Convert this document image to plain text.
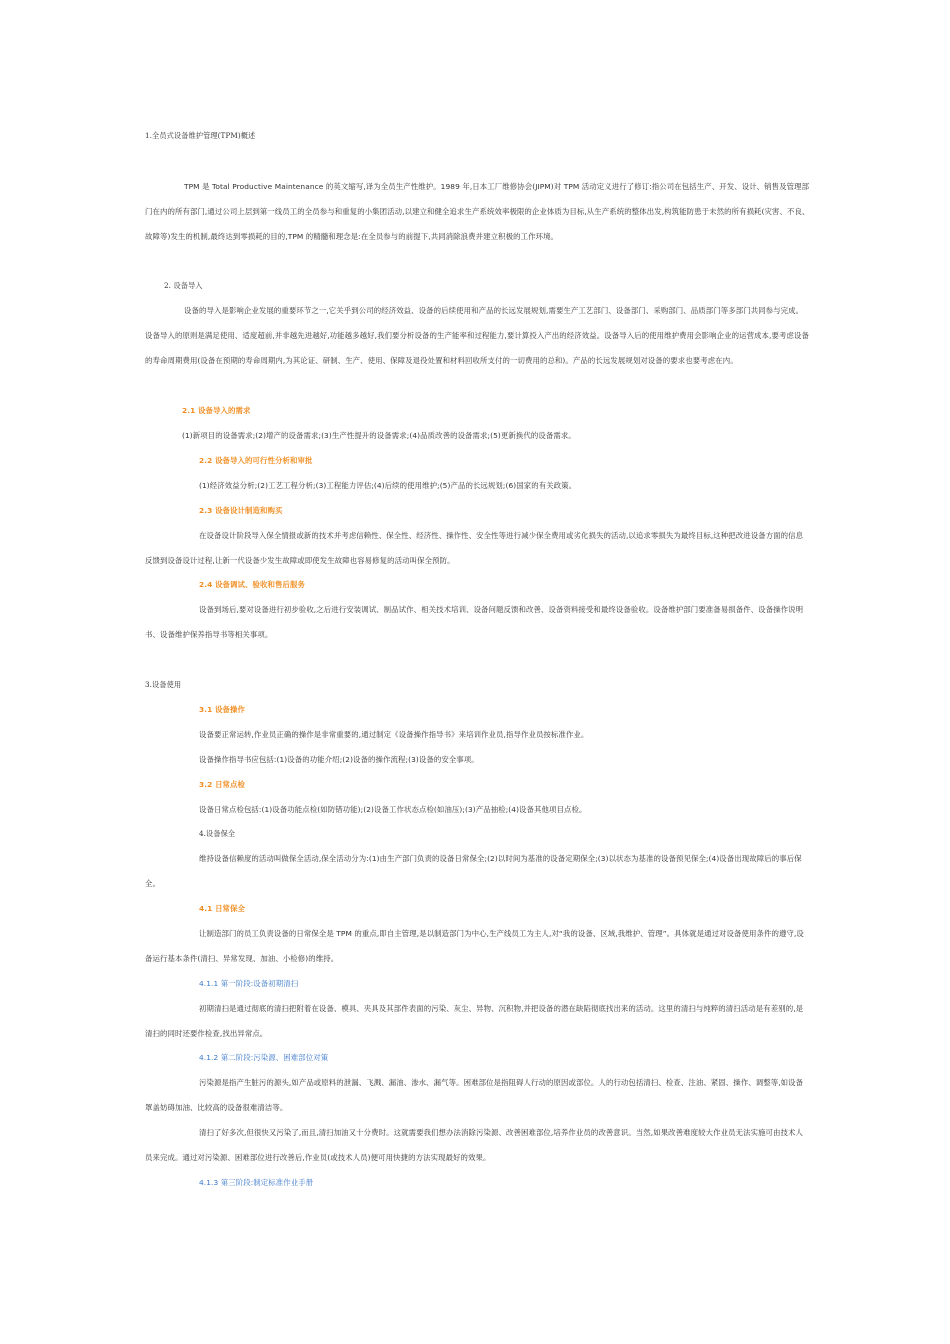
1.全员式设备维护管理(TPM)概述

TPM 是 Total Productive Maintenance 的英文缩写,译为全员生产性维护。1989 年,日本工厂维修协会(JIPM)对 TPM 活动定义进行了修订:指公司在包括生产、开发、设计、销售及管理部门在内的所有部门,通过公司上层到第一线员工的全员参与和重复的小集团活动,以建立和健全追求生产系统效率极限的企业体质为目标,从生产系统的整体出发,构筑能防患于未然的所有损耗(灾害、不良、故障等)发生的机制,最终达到零损耗的目的,TPM 的精髓和理念是:在全员参与的前提下,共同消除浪费并建立积极的工作环境。

2. 设备导入

设备的导入是影响企业发展的重要环节之一,它关乎到公司的经济效益、设备的后续使用和产品的长远发展规划,需要生产工艺部门、设备部门、采购部门、品质部门等多部门共同参与完成。设备导入的原则是满足使用、适度超前,并非越先进越好,功能越多越好,我们要分析设备的生产能率和过程能力,要计算投入产出的经济效益。设备导入后的使用维护费用会影响企业的运营成本,要考虑设备的寿命周期费用(设备在预期的寿命周期内,为其论证、研制、生产、使用、保障及退役处置和材料回收所支付的一切费用的总和)。产品的长远发展规划对设备的要求也要考虑在内。

2.1 设备导入的需求

(1)新项目的设备需求;(2)增产的设备需求;(3)生产性提升的设备需求;(4)品质改善的设备需求;(5)更新换代的设备需求。

2.2 设备导入的可行性分析和审批

(1)经济效益分析;(2)工艺工程分析;(3)工程能力评估;(4)后续的使用维护;(5)产品的长远规划;(6)国家的有关政策。

2.3 设备设计制造和购买

在设备设计阶段导入保全情报或新的技术并考虑信赖性、保全性、经济性、操作性、安全性等进行减少保全费用或劣化损失的活动,以追求零损失为最终目标,这种把改进设备方面的信息反馈到设备设计过程,让新一代设备少发生故障或即使发生故障也容易修复的活动叫保全预防。

2.4 设备调试、验收和售后服务

设备到场后,要对设备进行初步验收,之后进行安装调试、制品试作、相关技术培训、设备问题反馈和改善、设备资料接受和最终设备验收。设备维护部门要准备易损备件、设备操作说明书、设备维护保养指导书等相关事项。

3.设备使用

3.1 设备操作

设备要正常运转,作业员正确的操作是非常重要的,通过制定《设备操作指导书》来培训作业员,指导作业员按标准作业。

设备操作指导书应包括:(1)设备的功能介绍;(2)设备的操作流程;(3)设备的安全事项。

3.2 日常点检

设备日常点检包括:(1)设备功能点检(如防错功能);(2)设备工作状态点检(如油压);(3)产品抽检;(4)设备其他项目点检。

4.设备保全

维持设备信赖度的活动叫做保全活动,保全活动分为:(1)由生产部门负责的设备日常保全;(2)以时间为基准的设备定期保全;(3)以状态为基准的设备预见保全;(4)设备出现故障后的事后保全。

4.1 日常保全

让制造部门的员工负责设备的日常保全是 TPM 的重点,即自主管理,是以制造部门为中心,生产线员工为主人,对“我的设备、区域,我维护、管理”。具体就是通过对设备使用条件的遵守,设备运行基本条件(清扫、异常发现、加油、小检修)的维持。

4.1.1 第一阶段:设备初期清扫

初期清扫是通过彻底的清扫把附着在设备、模具、夹具及其部件表面的污染、灰尘、异物、沉积物,并把设备的潜在缺陷彻底找出来的活动。这里的清扫与纯粹的清扫活动是有差别的,是清扫的同时还要作检查,找出异常点。

4.1.2 第二阶段:污染源、困难部位对策

污染源是指产生脏污的源头,如产品或原料的泄漏、飞溅、漏油、渗水、漏气等。困难部位是指阻碍人行动的原因或部位。人的行动包括清扫、检查、注油、紧固、操作、调整等,如设备罩盖妨碍加油、比较高的设备很难清洁等。

清扫了好多次,但很快又污染了,而且,清扫加油又十分费时。这就需要我们想办法消除污染源、改善困难部位,培养作业员的改善意识。当然,如果改善难度较大作业员无法实施可由技术人员来完成。通过对污染源、困难部位进行改善后,作业员(或技术人员)便可用快捷的方法实现最好的效果。

4.1.3 第三阶段:制定标准作业手册
